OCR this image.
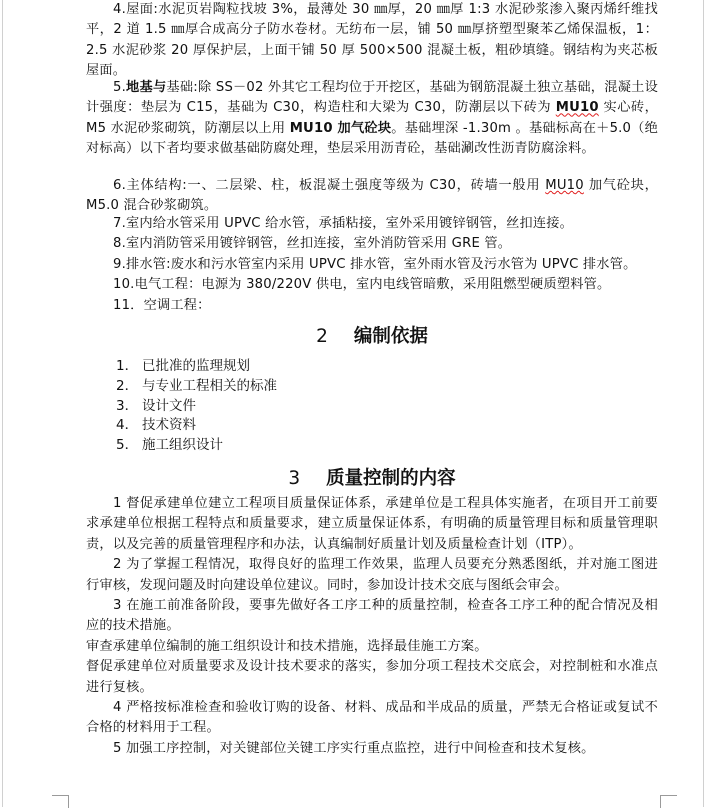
4.屋面:水泥页岩陶粒找坡 3%，最薄处 30 ㎜厚，20 ㎜厚 1:3 水泥砂浆渗入聚丙烯纤维找平，2 道 1.5 ㎜厚合成高分子防水卷材。无纺布一层，铺 50 ㎜厚挤塑型聚苯乙烯保温板，1：2.5 水泥砂浆 20 厚保护层，上面干铺 50 厚 500×500 混凝土板，粗砂填缝。钢结构为夹芯板屋面。

5.地基与基础:除 SS－02 外其它工程均位于开挖区，基础为钢筋混凝土独立基础，混凝土设计强度：垫层为 C15，基础为 C30，构造柱和大梁为 C30，防潮层以下砖为 MU10 实心砖，M5 水泥砂浆砌筑，防潮层以上用 MU10 加气砼块。基础埋深 -1.30m 。基础标高在＋5.0（绝对标高）以下者均要求做基础防腐处理，垫层采用沥青砼，基础涮改性沥青防腐涂料。

6.主体结构:一、二层梁、柱，板混凝土强度等级为 C30，砖墙一般用 MU10 加气砼块，M5.0 混合砂浆砌筑。

7.室内给水管采用 UPVC 给水管，承插粘接，室外采用镀锌钢管，丝扣连接。

8.室内消防管采用镀锌钢管，丝扣连接，室外消防管采用 GRE 管。

9.排水管:废水和污水管室内采用 UPVC 排水管，室外雨水管及污水管为 UPVC 排水管。

10.电气工程：电源为 380/220V 供电，室内电线管暗敷，采用阻燃型硬质塑料管。

11．空调工程：

2 编制依据
1． 已批准的监理规划
2． 与专业工程相关的标准
3． 设计文件
4． 技术资料
5． 施工组织设计
3 质量控制的内容

1 督促承建单位建立工程项目质量保证体系，承建单位是工程具体实施者，在项目开工前要求承建单位根据工程特点和质量要求，建立质量保证体系，有明确的质量管理目标和质量管理职责，以及完善的质量管理程序和办法，认真编制好质量计划及质量检查计划（ITP）。

2 为了掌握工程情况，取得良好的监理工作效果，监理人员要充分熟悉图纸，并对施工图进行审核，发现问题及时向建设单位建议。同时，参加设计技术交底与图纸会审会。

3 在施工前准备阶段，要事先做好各工序工种的质量控制，检查各工序工种的配合情况及相应的技术措施。

审查承建单位编制的施工组织设计和技术措施，选择最佳施工方案。

督促承建单位对质量要求及设计技术要求的落实，参加分项工程技术交底会，对控制桩和水准点进行复核。

4 严格按标准检查和验收订购的设备、材料、成品和半成品的质量，严禁无合格证或复试不合格的材料用于工程。

5 加强工序控制，对关键部位关键工序实行重点监控，进行中间检查和技术复核。
